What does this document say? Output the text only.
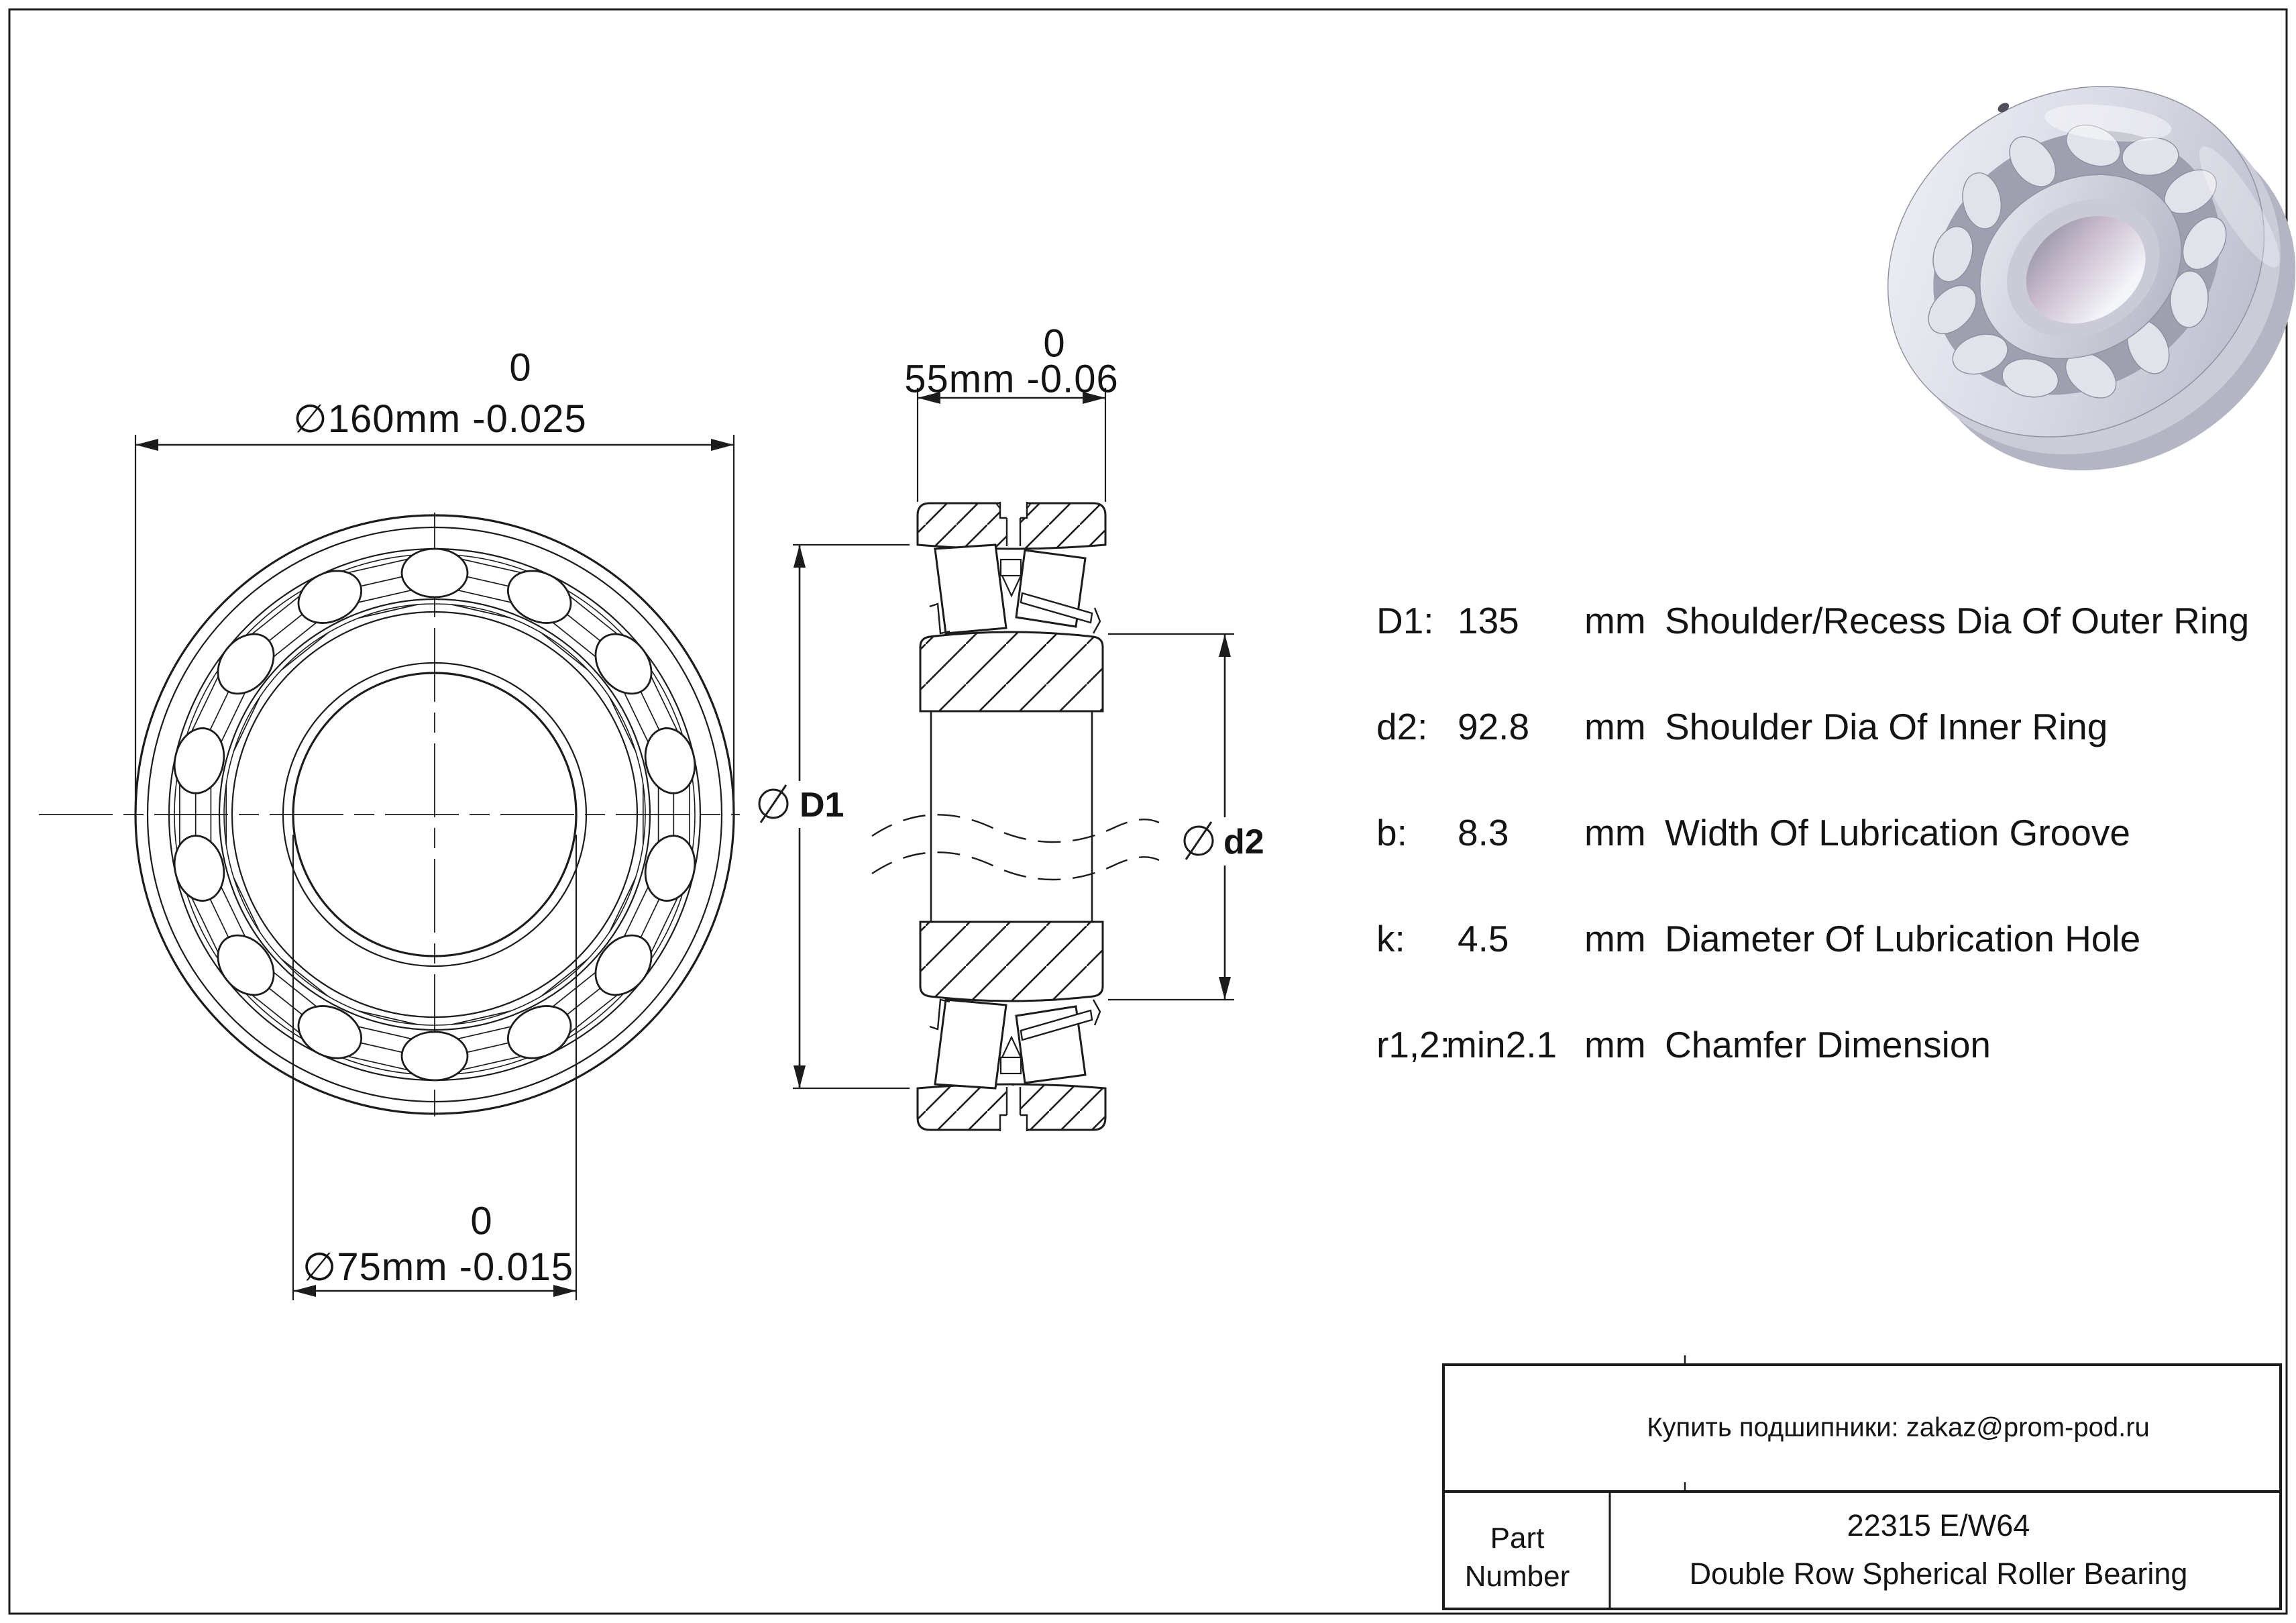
0
∅160mm -0.025
0
55mm -0.06
0
∅75mm -0.015
D1
d2
D1: 135 mm Shoulder/Recess Dia Of Outer Ring
d2: 92.8 mm Shoulder Dia Of Inner Ring
b: 8.3 mm Width Of Lubrication Groove
k: 4.5 mm Diameter Of Lubrication Hole
r1,2:
min2.1 mm Chamfer Dimension
Купить подшипники: zakaz@prom-pod.ru
Part
Number
22315 E/W64
Double Row Spherical Roller Bearing
